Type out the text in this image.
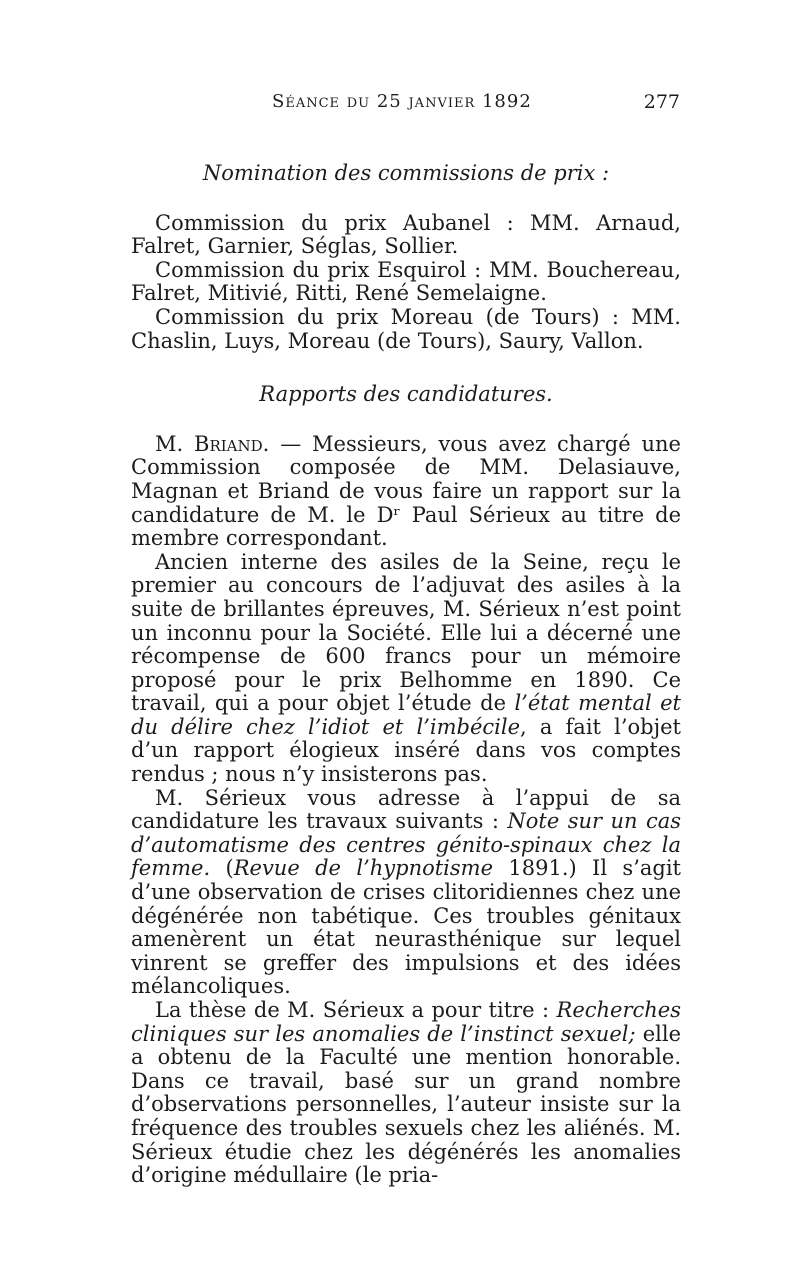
Séance du 25 janvier 1892	277

Nomination des commissions de prix :

Commission du prix Aubanel : MM. Arnaud, Falret, Garnier, Séglas, Sollier.

Commission du prix Esquirol : MM. Bouchereau, Falret, Mitivié, Ritti, René Semelaigne.

Commission du prix Moreau (de Tours) : MM. Chaslin, Luys, Moreau (de Tours), Saury, Vallon.

Rapports des candidatures.

M. Briand. — Messieurs, vous avez chargé une Commission composée de MM. Delasiauve, Magnan et Briand de vous faire un rapport sur la candidature de M. le Dʳ Paul Sérieux au titre de membre correspondant.

Ancien interne des asiles de la Seine, reçu le premier au concours de l’adjuvat des asiles à la suite de brillantes épreuves, M. Sérieux n’est point un inconnu pour la Société. Elle lui a décerné une récompense de 600 francs pour un mémoire proposé pour le prix Belhomme en 1890. Ce travail, qui a pour objet l’étude de l’état mental et du délire chez l’idiot et l’imbécile, a fait l’objet d’un rapport élogieux inséré dans vos comptes rendus ; nous n’y insisterons pas.

M. Sérieux vous adresse à l’appui de sa candidature les travaux suivants : Note sur un cas d’automatisme des centres génito-spinaux chez la femme. (Revue de l’hypnotisme 1891.) Il s’agit d’une observation de crises clitoridiennes chez une dégénérée non tabétique. Ces troubles génitaux amenèrent un état neurasthénique sur lequel vinrent se greffer des impulsions et des idées mélancoliques.

La thèse de M. Sérieux a pour titre : Recherches cliniques sur les anomalies de l’instinct sexuel; elle a obtenu de la Faculté une mention honorable. Dans ce travail, basé sur un grand nombre d’observations personnelles, l’auteur insiste sur la fréquence des troubles sexuels chez les aliénés. M. Sérieux étudie chez les dégénérés les anomalies d’origine médullaire (le pria-
